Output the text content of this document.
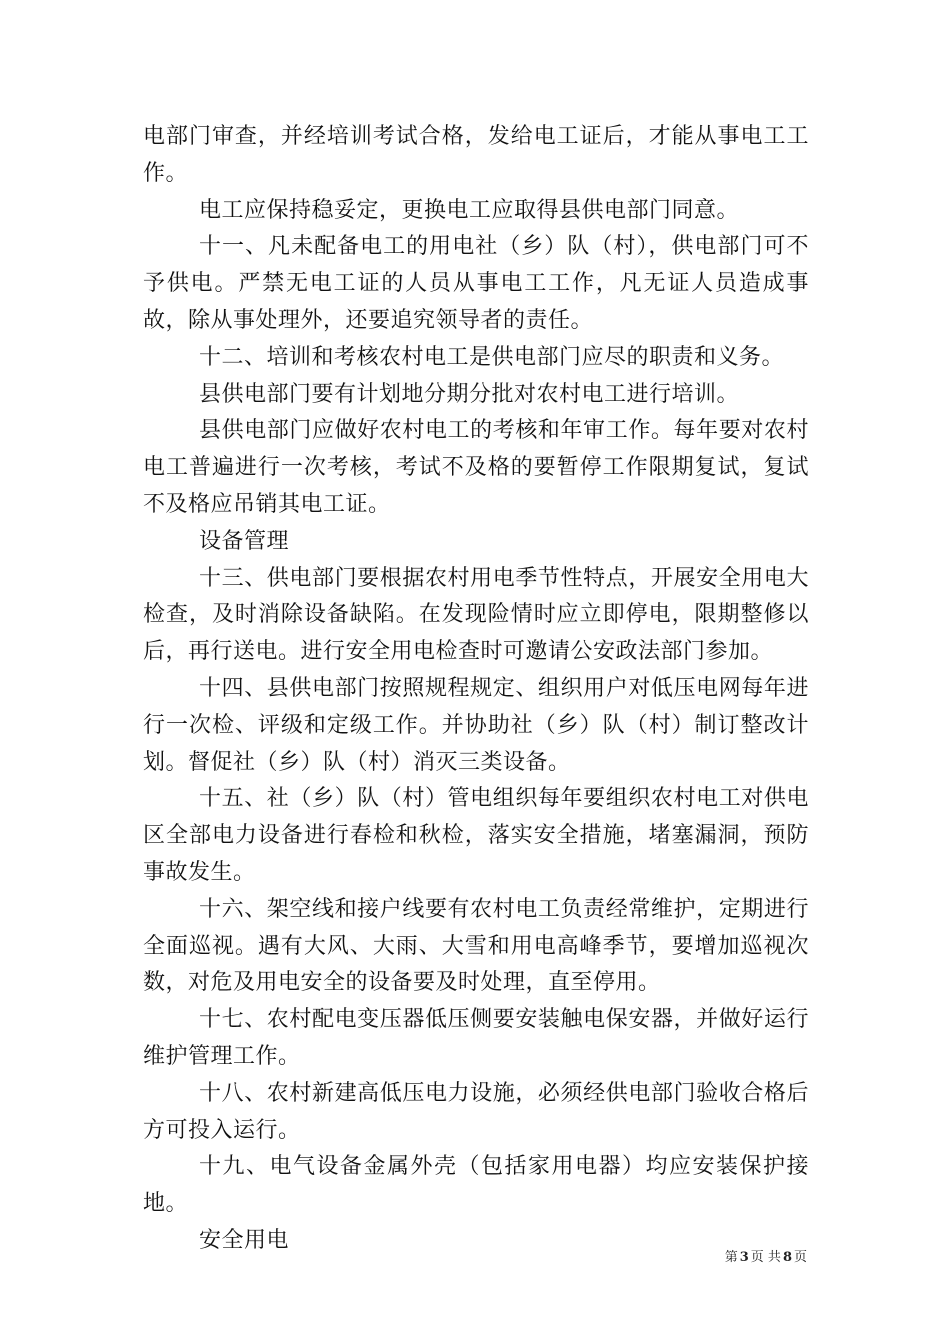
电部门审查，并经培训考试合格，发给电工证后，才能从事电工工作。

电工应保持稳妥定，更换电工应取得县供电部门同意。

十一、凡未配备电工的用电社（乡）队（村），供电部门可不予供电。严禁无电工证的人员从事电工工作，凡无证人员造成事故，除从事处理外，还要追究领导者的责任。

十二、培训和考核农村电工是供电部门应尽的职责和义务。

县供电部门要有计划地分期分批对农村电工进行培训。

县供电部门应做好农村电工的考核和年审工作。每年要对农村电工普遍进行一次考核，考试不及格的要暂停工作限期复试，复试不及格应吊销其电工证。

设备管理

十三、供电部门要根据农村用电季节性特点，开展安全用电大检查，及时消除设备缺陷。在发现险情时应立即停电，限期整修以后，再行送电。进行安全用电检查时可邀请公安政法部门参加。

十四、县供电部门按照规程规定、组织用户对低压电网每年进行一次检、评级和定级工作。并协助社（乡）队（村）制订整改计划。督促社（乡）队（村）消灭三类设备。

十五、社（乡）队（村）管电组织每年要组织农村电工对供电区全部电力设备进行春检和秋检，落实安全措施，堵塞漏洞，预防事故发生。

十六、架空线和接户线要有农村电工负责经常维护，定期进行全面巡视。遇有大风、大雨、大雪和用电高峰季节，要增加巡视次数，对危及用电安全的设备要及时处理，直至停用。

十七、农村配电变压器低压侧要安装触电保安器，并做好运行维护管理工作。

十八、农村新建高低压电力设施，必须经供电部门验收合格后方可投入运行。

十九、电气设备金属外壳（包括家用电器）均应安装保护接地。

安全用电

第 3 页 共 8 页
